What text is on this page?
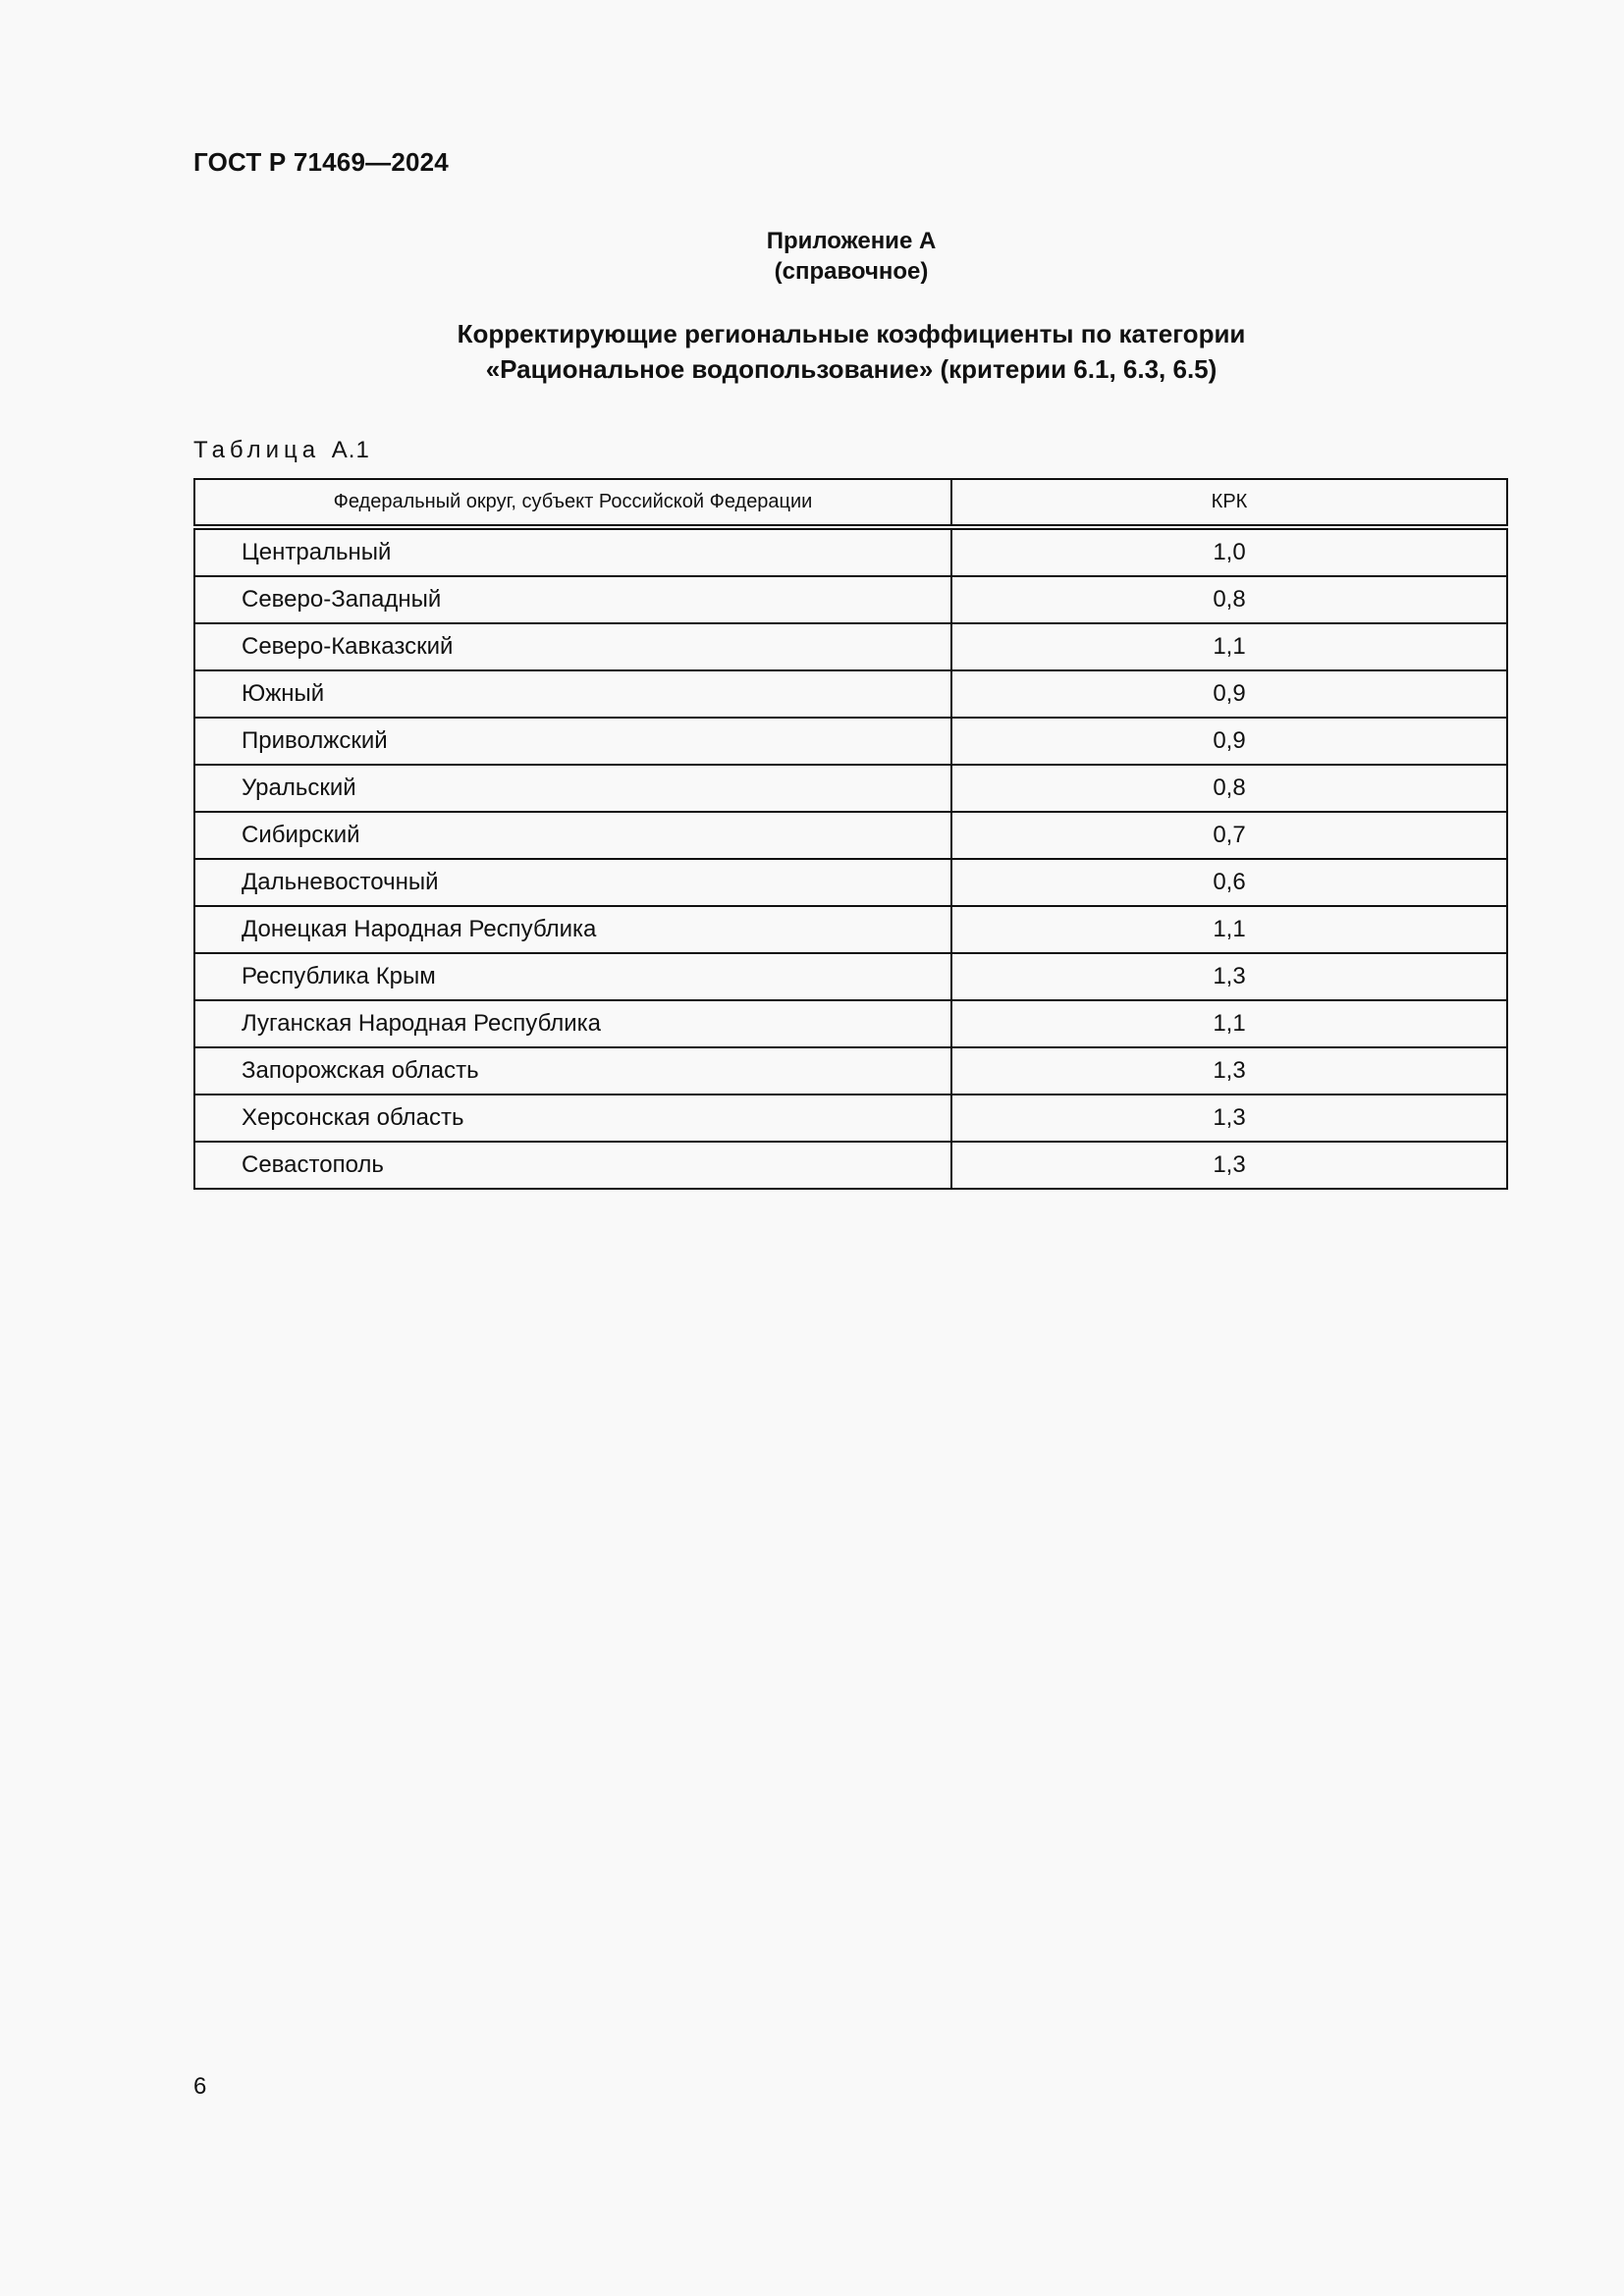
ГОСТ Р 71469—2024
Приложение А
(справочное)
Корректирующие региональные коэффициенты по категории
«Рациональное водопользование» (критерии 6.1, 6.3, 6.5)
Таблица А.1
Федеральный округ, субъект Российской Федерации	КРК
Центральный	1,0
Северо-Западный	0,8
Северо-Кавказский	1,1
Южный	0,9
Приволжский	0,9
Уральский	0,8
Сибирский	0,7
Дальневосточный	0,6
Донецкая Народная Республика	1,1
Республика Крым	1,3
Луганская Народная Республика	1,1
Запорожская область	1,3
Херсонская область	1,3
Севастополь	1,3
6
